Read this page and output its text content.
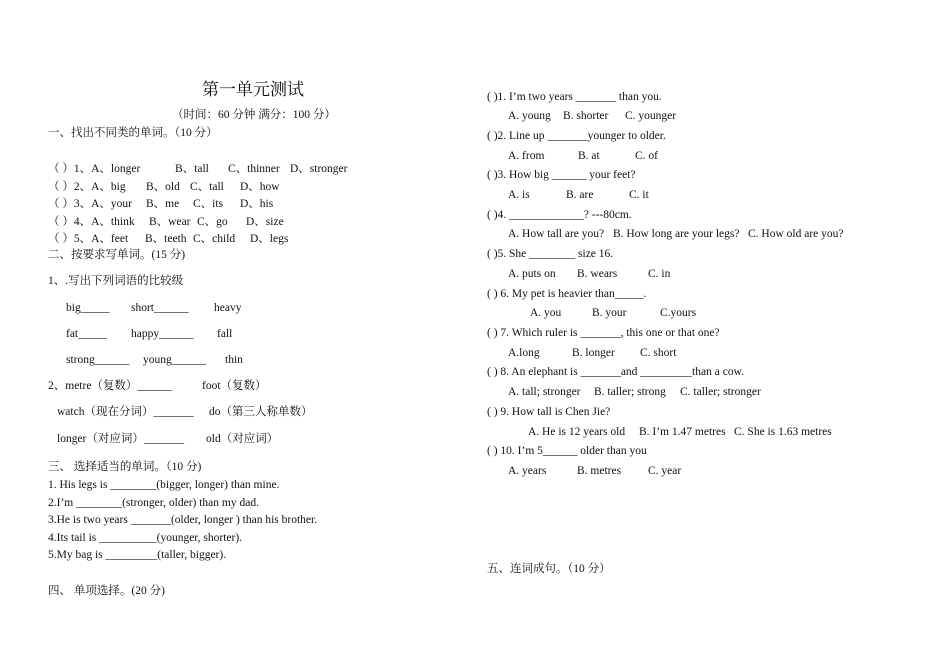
第一单元测试
（时间：60 分钟 满分：100 分）
一、找出不同类的单词。（10 分）
（ ）1、A、longer	B、tall C、thinner D、stronger
（ ）2、A、big B、old C、tall D、how
（ ）3、A、your B、me C、its D、his
（ ）4、A、think B、wear C、go D、size
（ ）5、A、feet B、teeth C、child D、legs
二、按要求写单词。(15 分)
1、.写出下列词语的比较级
big_____ short______ heavy
fat_____ happy______ fall
strong______ young______ thin
2、metre（复数）______	foot（复数）
watch（现在分词）_______ do（第三人称单数）
longer（对应词）_______ old（对应词）
三、 选择适当的单词。（10 分)
1. His legs is ________(bigger, longer) than mine.
2.I’m ________(stronger, older) than my dad.
3.He is two years _______(older, longer ) than his brother.
4.Its tail is __________(younger, shorter).
5.My bag is _________(taller, bigger).
四、 单项选择。(20 分)
( )1. I’m two years _______ than you.
A. young B. shorter C. younger
( )2. Line up _______younger to older.
A. from	B. at	C. of
( )3. How big ______ your feet?
A. is	B. are	C. it
( )4. _____________? ---80cm.
A. How tall are you? B. How long are your legs? C. How old are you?
( )5. She ________ size 16.
A. puts on B. wears	C. in
( ) 6. My pet is heavier than_____.
A. you	B. your	C.yours
( ) 7. Which ruler is _______, this one or that one?
A.long	B. longer C. short
( ) 8. An elephant is _______and _________than a cow.
A. tall; stronger B. taller; strong C. taller; stronger
( ) 9. How tall is Chen Jie?
A. He is 12 years old B. I’m 1.47 metres C. She is 1.63 metres
( ) 10. I’m 5______ older than you
A. years	B. metres C. year
五、连词成句。（10 分）
